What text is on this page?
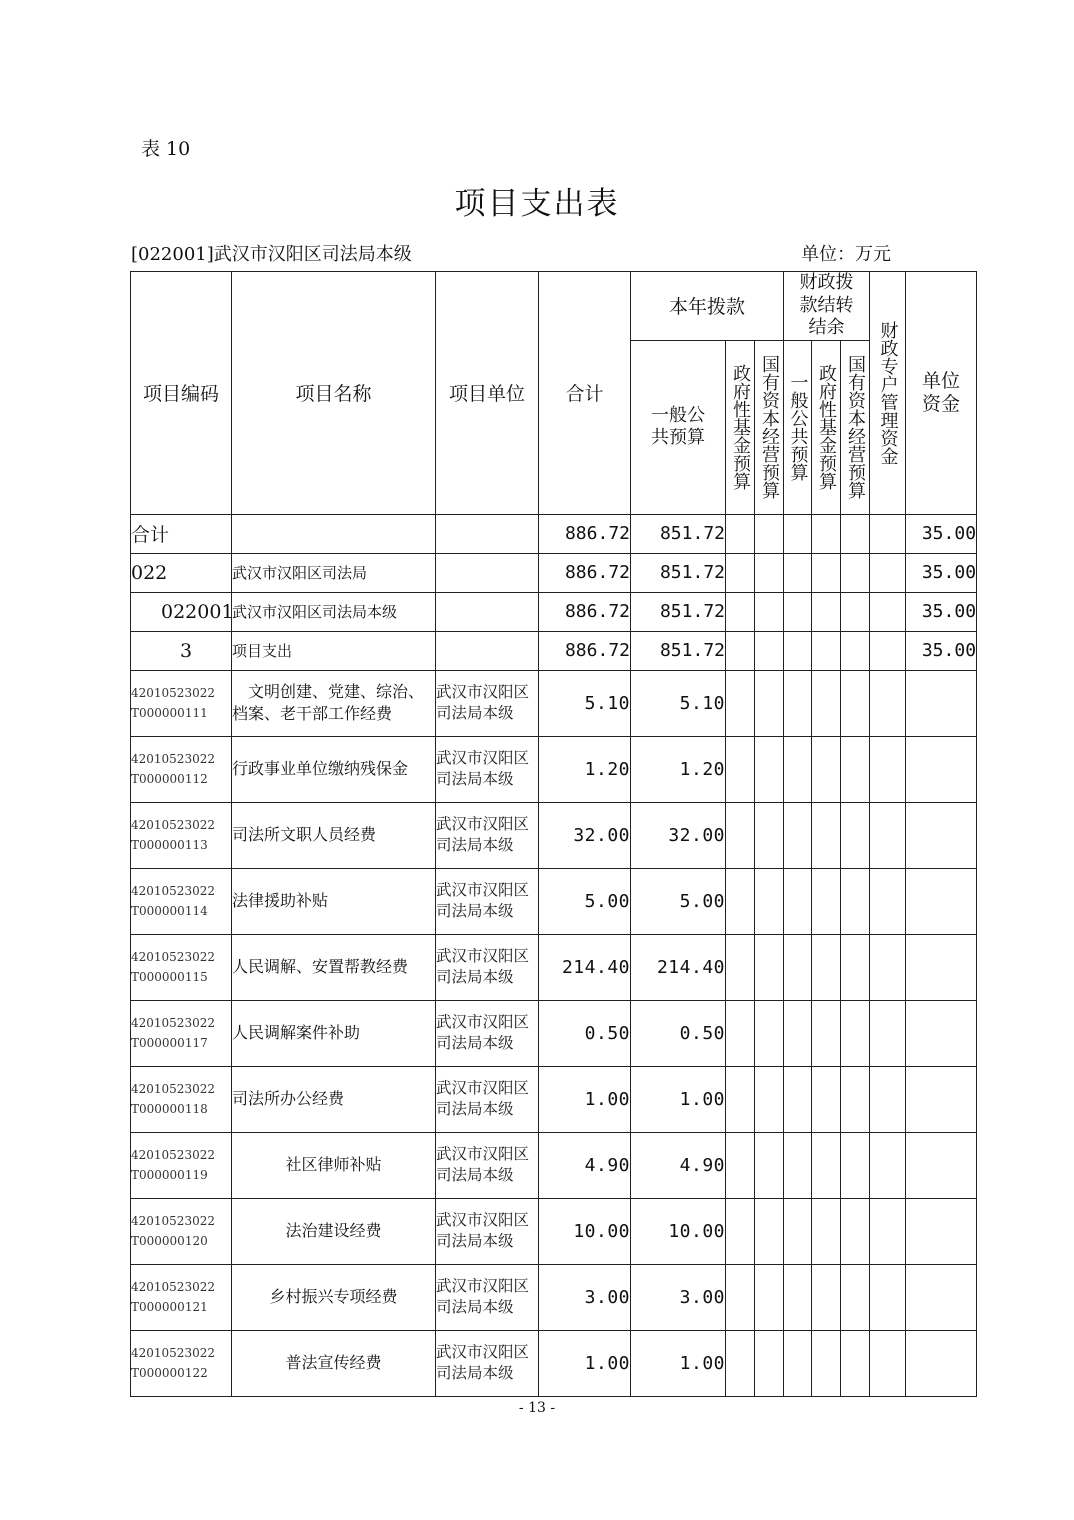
表 10
项目支出表
[022001]武汉市汉阳区司法局本级	单位：万元
项目编码	项目名称	项目单位	合计	本年拨款			财政拨款结转结余			财政专户管理资金	单位资金

				一般公共预算	政府性基金预算	国有资本经营预算	一般公共预算	政府性基金预算	国有资本经营预算		

合计			886.72	851.72							35.00
022	武汉市汉阳区司法局		886.72	851.72							35.00
022001	武汉市汉阳区司法局本级		886.72	851.72							35.00
3	项目支出		886.72	851.72							35.00
42010523022
T000000111	　文明创建、党建、综治、档案、老干部工作经费	武汉市汉阳区司法局本级	5.10	5.10							
42010523022
T000000112	行政事业单位缴纳残保金	武汉市汉阳区司法局本级	1.20	1.20							
42010523022
T000000113	司法所文职人员经费	武汉市汉阳区司法局本级	32.00	32.00							
42010523022
T000000114	法律援助补贴	武汉市汉阳区司法局本级	5.00	5.00							
42010523022
T000000115	人民调解、安置帮教经费	武汉市汉阳区司法局本级	214.40	214.40							
42010523022
T000000117	人民调解案件补助	武汉市汉阳区司法局本级	0.50	0.50							
42010523022
T000000118	司法所办公经费	武汉市汉阳区司法局本级	1.00	1.00							
42010523022
T000000119	社区律师补贴	武汉市汉阳区司法局本级	4.90	4.90							
42010523022
T000000120	法治建设经费	武汉市汉阳区司法局本级	10.00	10.00							
42010523022
T000000121	乡村振兴专项经费	武汉市汉阳区司法局本级	3.00	3.00							
42010523022
T000000122	普法宣传经费	武汉市汉阳区司法局本级	1.00	1.00							
- 13 -
